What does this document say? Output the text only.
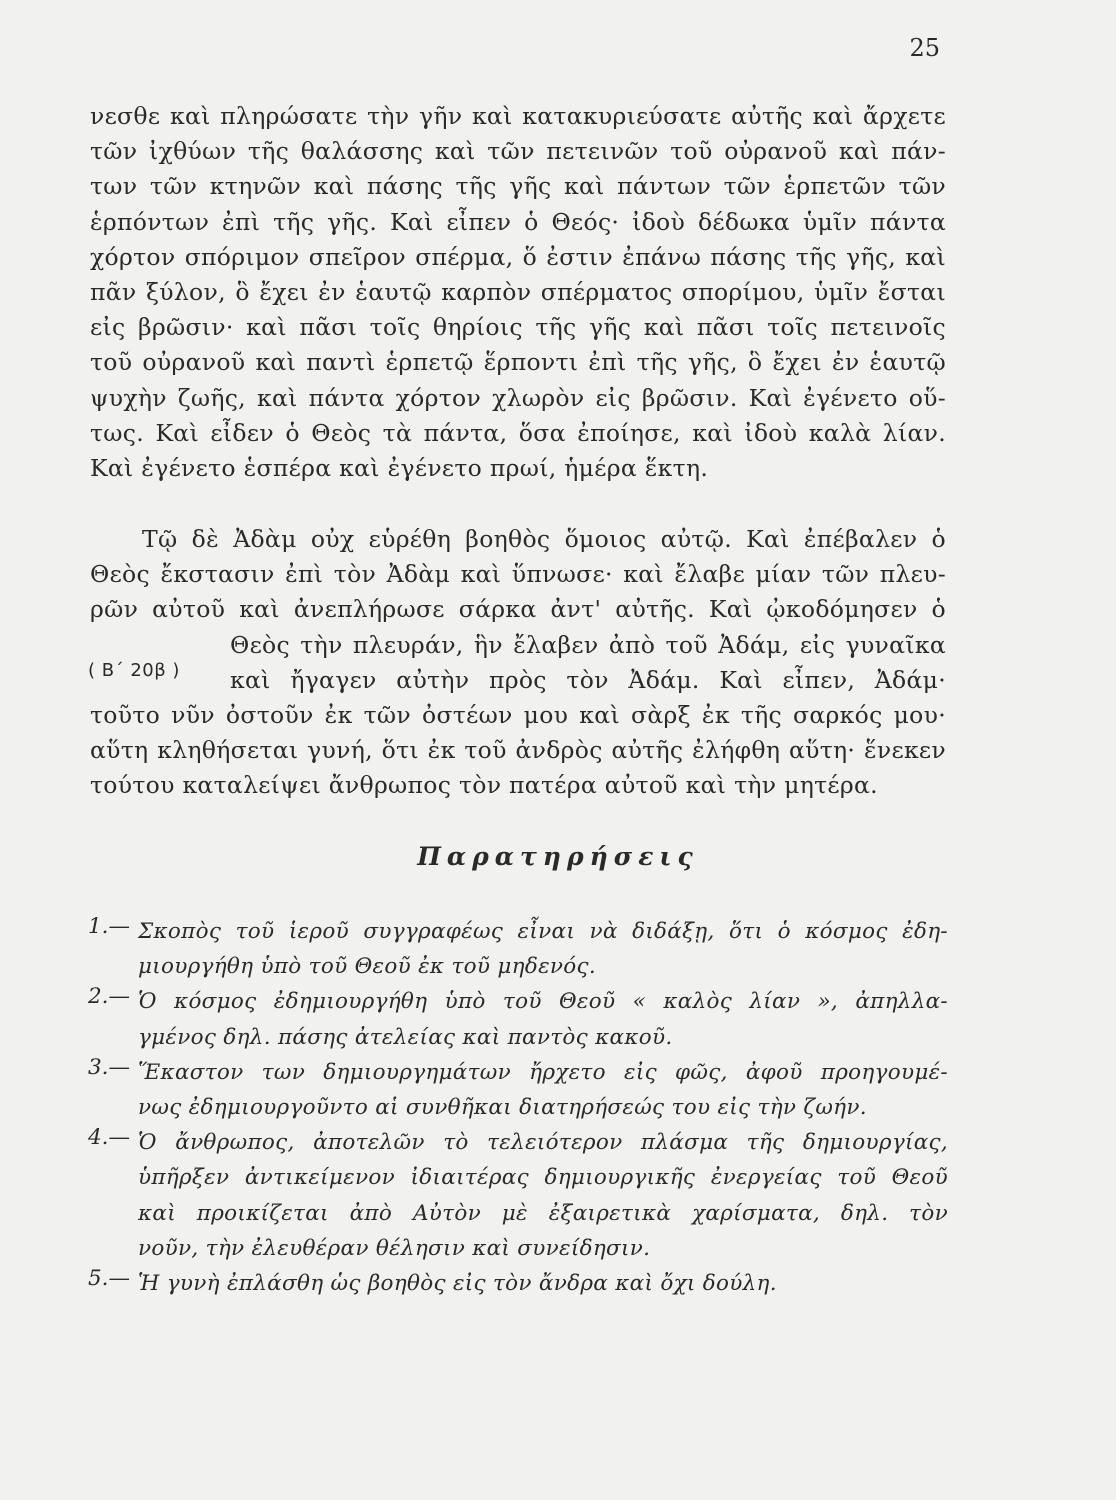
25
νεσθε καὶ πληρώσατε τὴν γῆν καὶ κατακυριεύσατε αὐτῆς καὶ ἄρχετε
τῶν ἰχθύων τῆς θαλάσσης καὶ τῶν πετεινῶν τοῦ οὐρανοῦ καὶ πάν-
των τῶν κτηνῶν καὶ πάσης τῆς γῆς καὶ πάντων τῶν ἑρπετῶν τῶν
ἑρπόντων ἐπὶ τῆς γῆς. Καὶ εἶπεν ὁ Θεός· ἰδοὺ δέδωκα ὑμῖν πάντα
χόρτον σπόριμον σπεῖρον σπέρμα, ὅ ἐστιν ἐπάνω πάσης τῆς γῆς, καὶ
πᾶν ξύλον, ὃ ἔχει ἐν ἑαυτῷ καρπὸν σπέρματος σπορίμου, ὑμῖν ἔσται
εἰς βρῶσιν· καὶ πᾶσι τοῖς θηρίοις τῆς γῆς καὶ πᾶσι τοῖς πετεινοῖς
τοῦ οὐρανοῦ καὶ παντὶ ἑρπετῷ ἕρποντι ἐπὶ τῆς γῆς, ὃ ἔχει ἐν ἑαυτῷ
ψυχὴν ζωῆς, καὶ πάντα χόρτον χλωρὸν εἰς βρῶσιν. Καὶ ἐγένετο οὕ-
τως. Καὶ εἶδεν ὁ Θεὸς τὰ πάντα, ὅσα ἐποίησε, καὶ ἰδοὺ καλὰ λίαν.
Καὶ ἐγένετο ἑσπέρα καὶ ἐγένετο πρωί, ἡμέρα ἕκτη.
Τῷ δὲ Ἀδὰμ οὐχ εὑρέθη βοηθὸς ὅμοιος αὐτῷ. Καὶ ἐπέβαλεν ὁ
Θεὸς ἔκστασιν ἐπὶ τὸν Ἀδὰμ καὶ ὕπνωσε· καὶ ἔλαβε μίαν τῶν πλευ-
ρῶν αὐτοῦ καὶ ἀνεπλήρωσε σάρκα ἀντ' αὐτῆς. Καὶ ᾠκοδόμησεν ὁ
Θεὸς τὴν πλευράν, ἣν ἔλαβεν ἀπὸ τοῦ Ἀδάμ, εἰς γυναῖκα
καὶ ἤγαγεν αὐτὴν πρὸς τὸν Ἀδάμ. Καὶ εἶπεν, Ἀδάμ·
τοῦτο νῦν ὀστοῦν ἐκ τῶν ὀστέων μου καὶ σὰρξ ἐκ τῆς σαρκός μου·
αὕτη κληθήσεται γυνή, ὅτι ἐκ τοῦ ἀνδρὸς αὐτῆς ἐλήφθη αὕτη· ἕνεκεν
τούτου καταλείψει ἄνθρωπος τὸν πατέρα αὐτοῦ καὶ τὴν μητέρα.
( Β΄ 20β )
Παρατηρήσεις
1.— Σκοπὸς τοῦ ἱεροῦ συγγραφέως εἶναι νὰ διδάξῃ, ὅτι ὁ κόσμος ἐδη-
μιουργήθη ὑπὸ τοῦ Θεοῦ ἐκ τοῦ μηδενός.
2.— Ὁ κόσμος ἐδημιουργήθη ὑπὸ τοῦ Θεοῦ « καλὸς λίαν », ἀπηλλα-
γμένος δηλ. πάσης ἀτελείας καὶ παντὸς κακοῦ.
3.— Ἕκαστον των δημιουργημάτων ἤρχετο εἰς φῶς, ἀφοῦ προηγουμέ-
νως ἐδημιουργοῦντο αἱ συνθῆκαι διατηρήσεώς του εἰς τὴν ζωήν.
4.— Ὁ ἄνθρωπος, ἀποτελῶν τὸ τελειότερον πλάσμα τῆς δημιουργίας,
ὑπῆρξεν ἀντικείμενον ἰδιαιτέρας δημιουργικῆς ἐνεργείας τοῦ Θεοῦ
καὶ προικίζεται ἀπὸ Αὐτὸν μὲ ἐξαιρετικὰ χαρίσματα, δηλ. τὸν
νοῦν, τὴν ἐλευθέραν θέλησιν καὶ συνείδησιν.
5.— Ἡ γυνὴ ἐπλάσθη ὡς βοηθὸς εἰς τὸν ἄνδρα καὶ ὄχι δούλη.
